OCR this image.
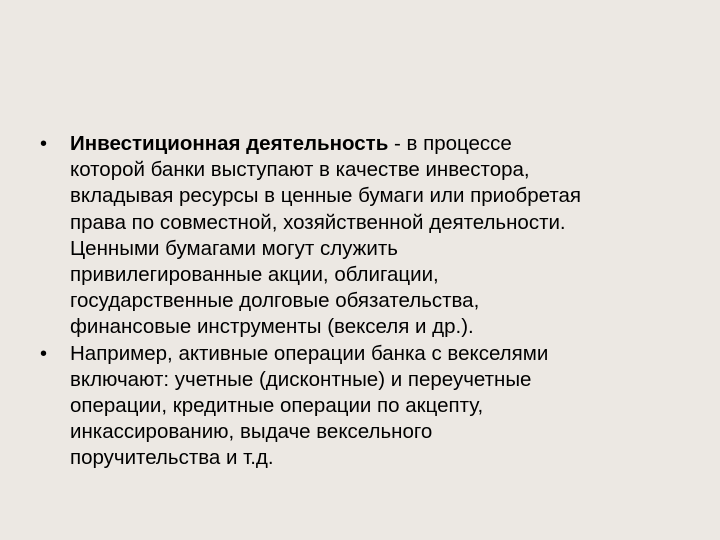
• Инвестиционная деятельность - в процессе
которой банки выступают в качестве инвестора,
вкладывая ресурсы в ценные бумаги или приобретая
права по совместной, хозяйственной деятельности.
Ценными бумагами могут служить
привилегированные акции, облигации,
государственные долговые обязательства,
финансовые инструменты (векселя и др.).
• Например, активные операции банка с векселями
включают: учетные (дисконтные) и переучетные
операции, кредитные операции по акцепту,
инкассированию, выдаче вексельного
поручительства и т.д.
